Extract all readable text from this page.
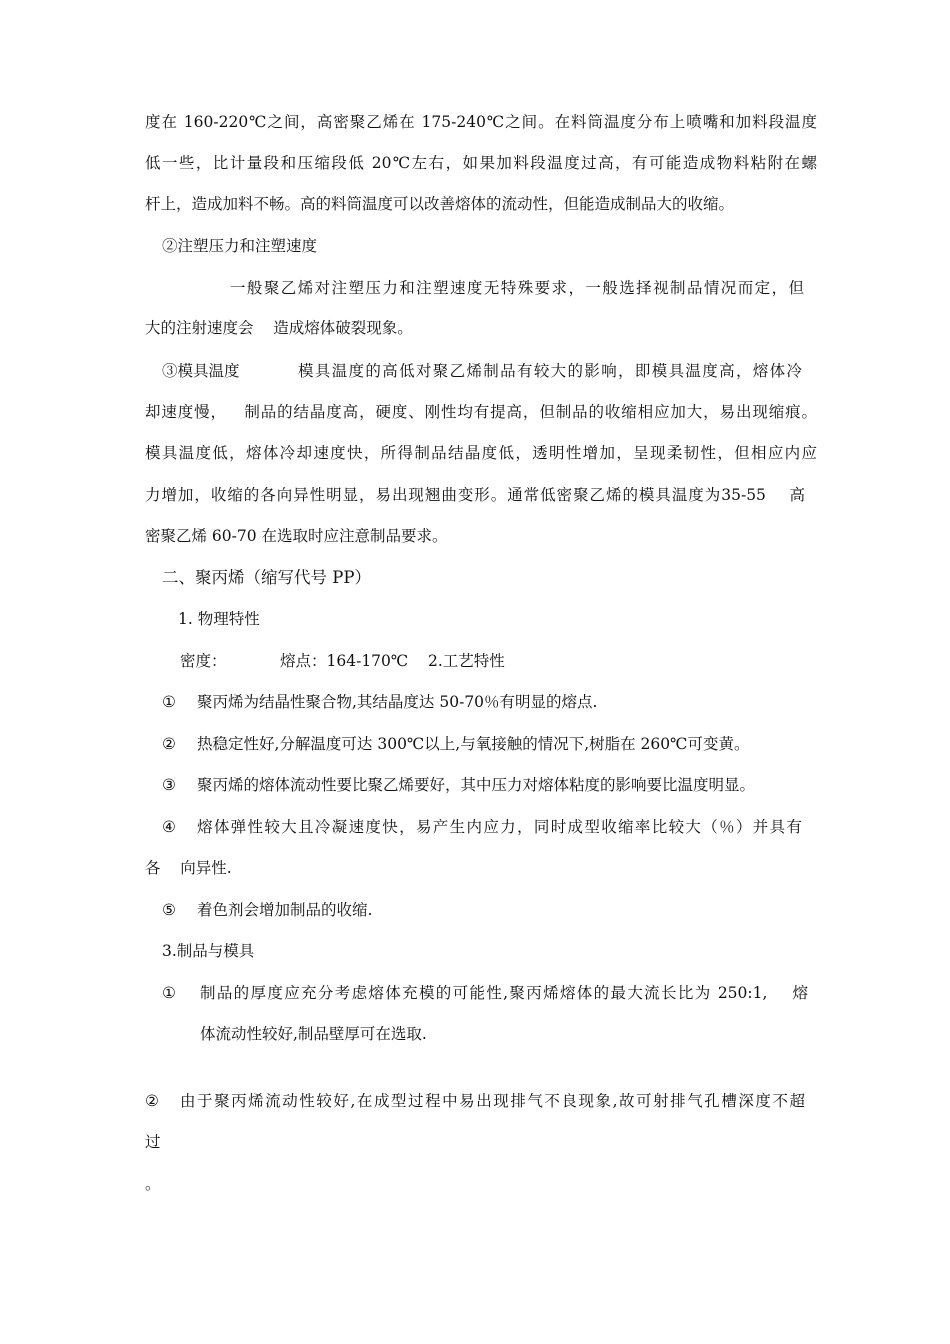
度在 160-220℃之间，高密聚乙烯在 175-240℃之间。在料筒温度分布上喷嘴和加料段温度
低一些，比计量段和压缩段低 20℃左右，如果加料段温度过高，有可能造成物料粘附在螺
杆上，造成加料不畅。高的料筒温度可以改善熔体的流动性，但能造成制品大的收缩。
②注塑压力和注塑速度
一般聚乙烯对注塑压力和注塑速度无特殊要求，一般选择视制品情况而定，但
大的注射速度会    造成熔体破裂现象。
③模具温度	模具温度的高低对聚乙烯制品有较大的影响，即模具温度高，熔体冷
却速度慢，   制品的结晶度高，硬度、刚性均有提高，但制品的收缩相应加大，易出现缩痕。
模具温度低，熔体冷却速度快，所得制品结晶度低，透明性增加，呈现柔韧性，但相应内应
力增加，收缩的各向异性明显，易出现翘曲变形。通常低密聚乙烯的模具温度为35-55    高
密聚乙烯 60-70 在选取时应注意制品要求。
二、聚丙烯（缩写代号 PP）
1. 物理特性
密度：	熔点：164-170℃    2.工艺特性
① 聚丙烯为结晶性聚合物,其结晶度达 50-70％有明显的熔点.
② 热稳定性好,分解温度可达 300℃以上,与氧接触的情况下,树脂在 260℃可变黄。
③ 聚丙烯的熔体流动性要比聚乙烯要好，其中压力对熔体粘度的影响要比温度明显。
④ 熔体弹性较大且冷凝速度快，易产生内应力，同时成型收缩率比较大（％）并具有
各    向异性.
⑤ 着色剂会增加制品的收缩.
3.制品与模具
① 制品的厚度应充分考虑熔体充模的可能性,聚丙烯熔体的最大流长比为 250:1,    熔
体流动性较好,制品壁厚可在选取.
② 由于聚丙烯流动性较好,在成型过程中易出现排气不良现象,故可射排气孔槽深度不超
过
。
